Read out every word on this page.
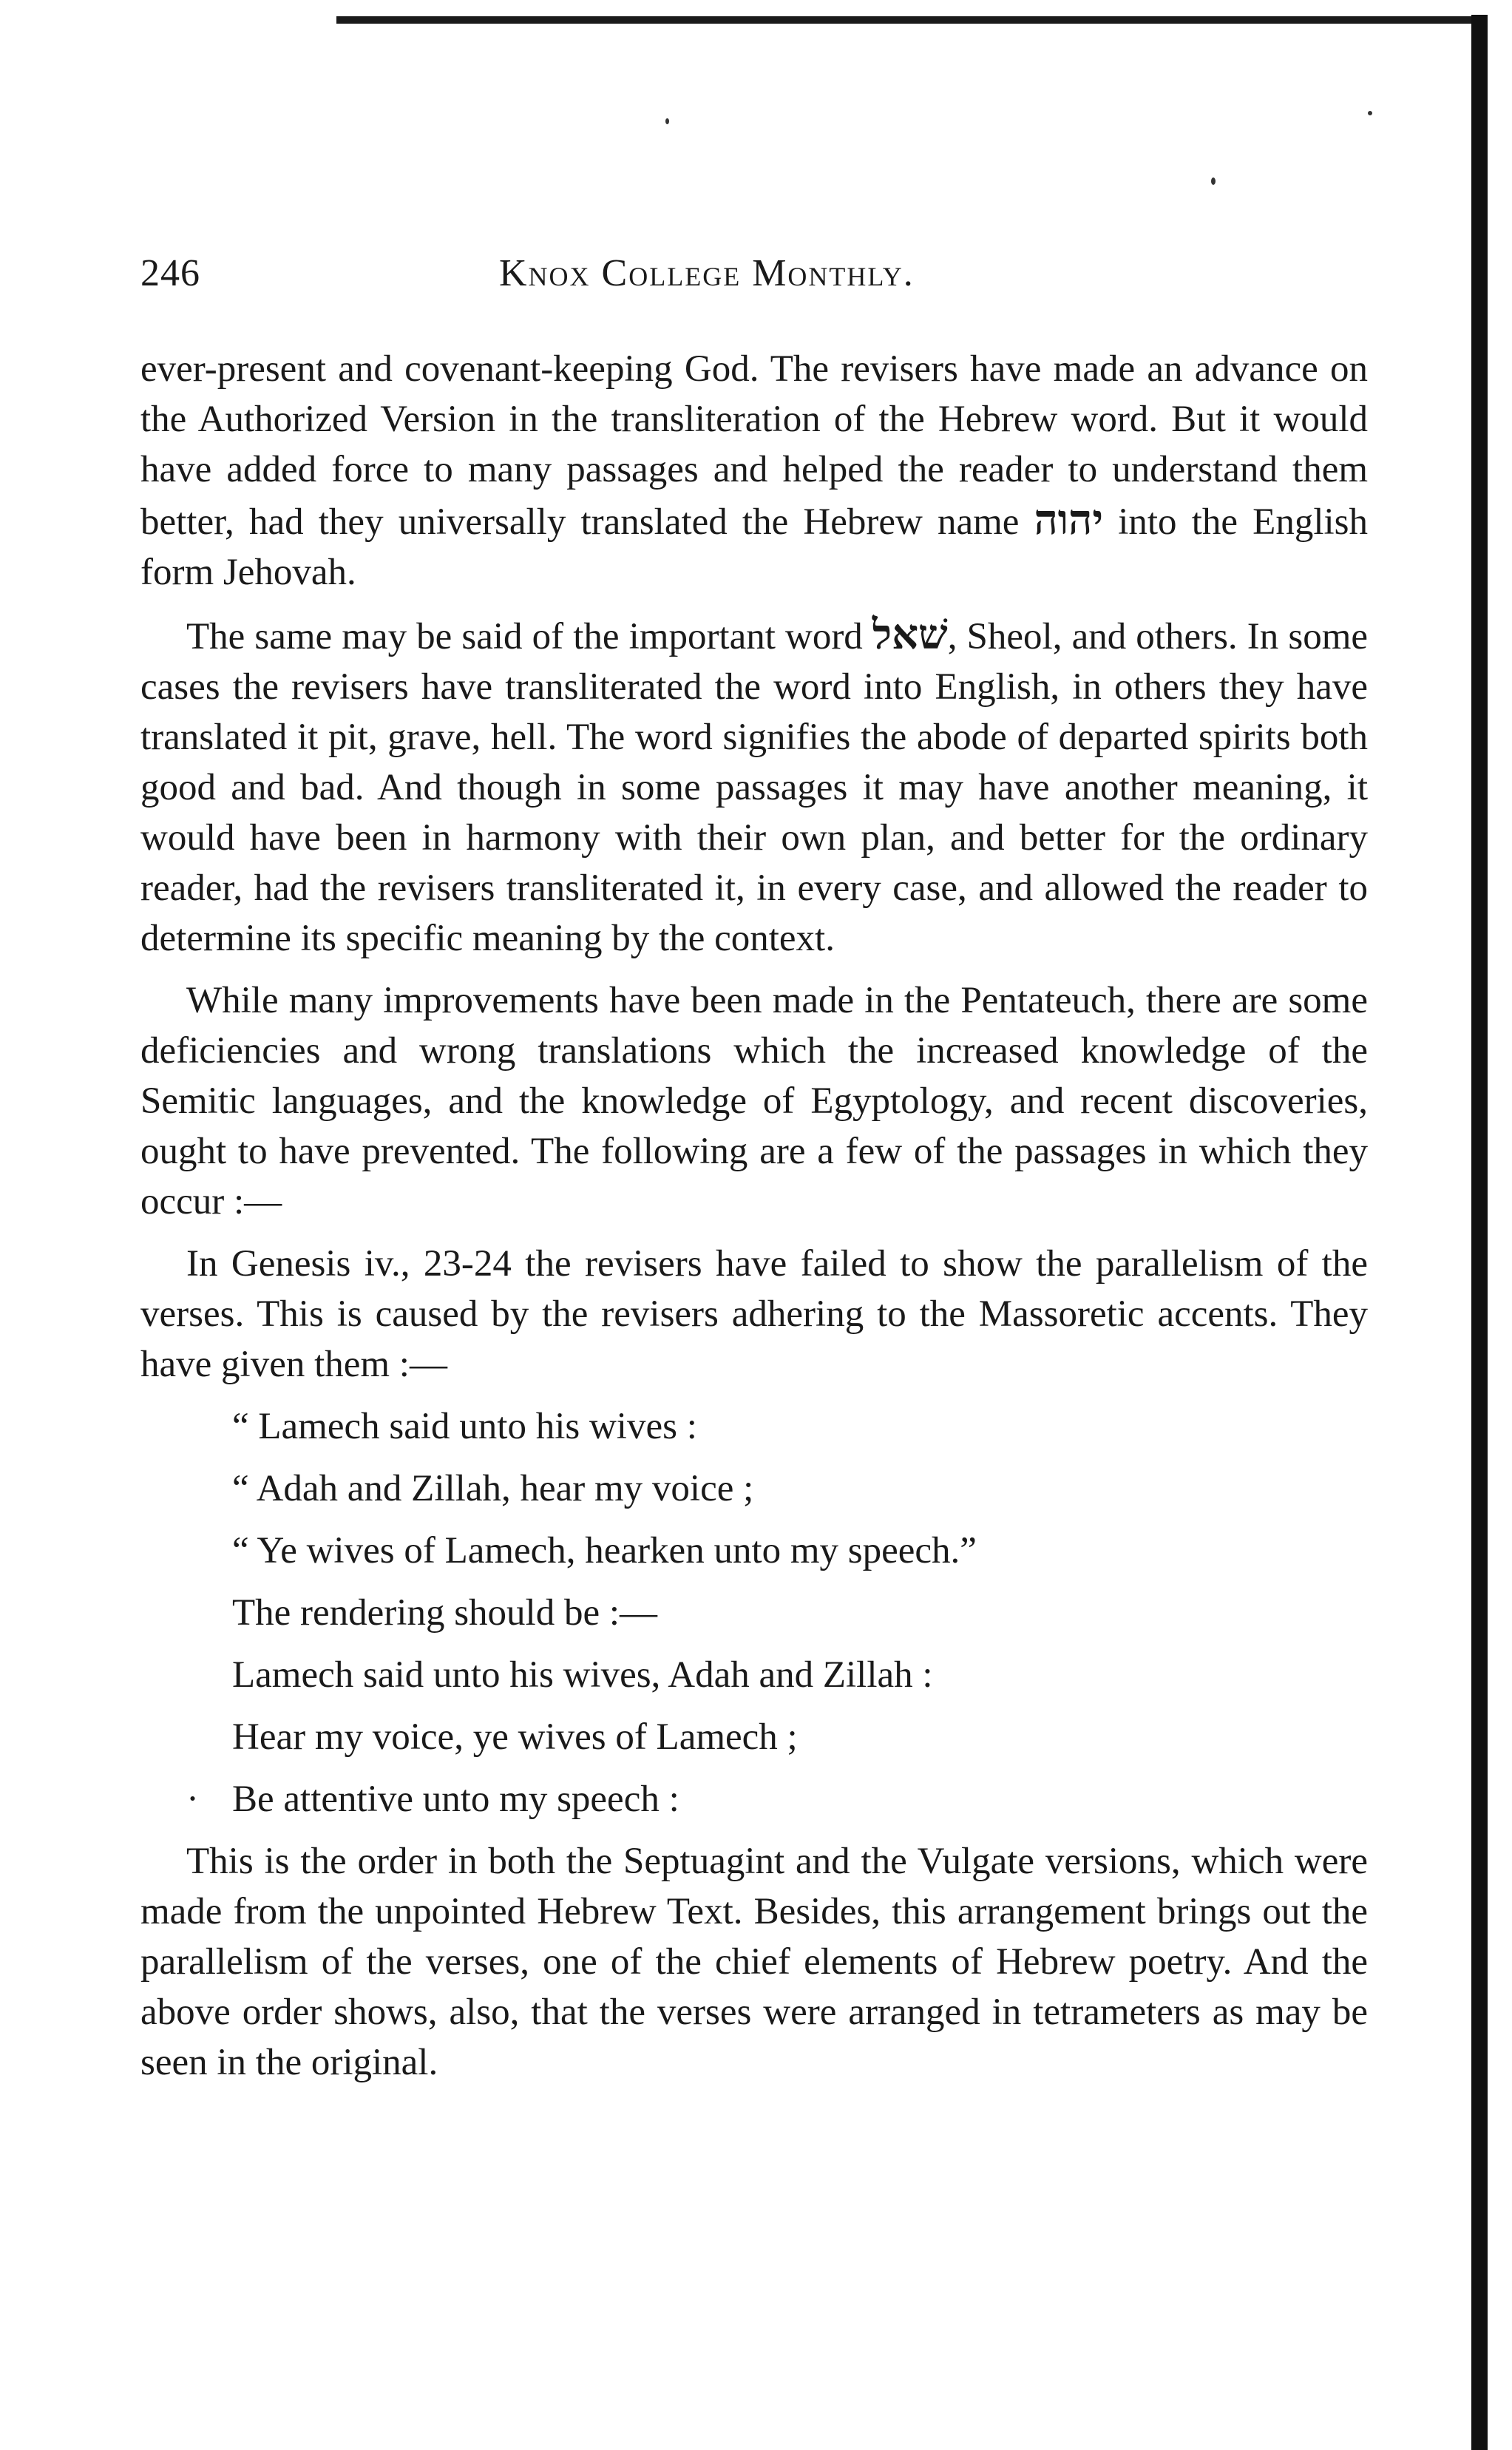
246	Knox College Monthly.

ever-present and covenant-keeping God. The revisers have made an advance on the Authorized Version in the transliteration of the Hebrew word. But it would have added force to many passages and helped the reader to understand them better, had they universally translated the Hebrew name יהוה into the English form Jehovah.

The same may be said of the important word שׁאל, Sheol, and others. In some cases the revisers have transliterated the word into English, in others they have translated it pit, grave, hell. The word signifies the abode of departed spirits both good and bad. And though in some passages it may have another meaning, it would have been in harmony with their own plan, and better for the ordinary reader, had the revisers transliterated it, in every case, and allowed the reader to determine its specific meaning by the context.

While many improvements have been made in the Pentateuch, there are some deficiencies and wrong translations which the increased knowledge of the Semitic languages, and the knowledge of Egyptology, and recent discoveries, ought to have prevented. The following are a few of the passages in which they occur :—

In Genesis iv., 23-24 the revisers have failed to show the parallelism of the verses. This is caused by the revisers adhering to the Massoretic accents. They have given them :—

“ Lamech said unto his wives :

“ Adah and Zillah, hear my voice ;

“ Ye wives of Lamech, hearken unto my speech.”

The rendering should be :—

Lamech said unto his wives, Adah and Zillah :

Hear my voice, ye wives of Lamech ;

· Be attentive unto my speech :

This is the order in both the Septuagint and the Vulgate versions, which were made from the unpointed Hebrew Text. Besides, this arrangement brings out the parallelism of the verses, one of the chief elements of Hebrew poetry. And the above order shows, also, that the verses were arranged in tetrameters as may be seen in the original.
